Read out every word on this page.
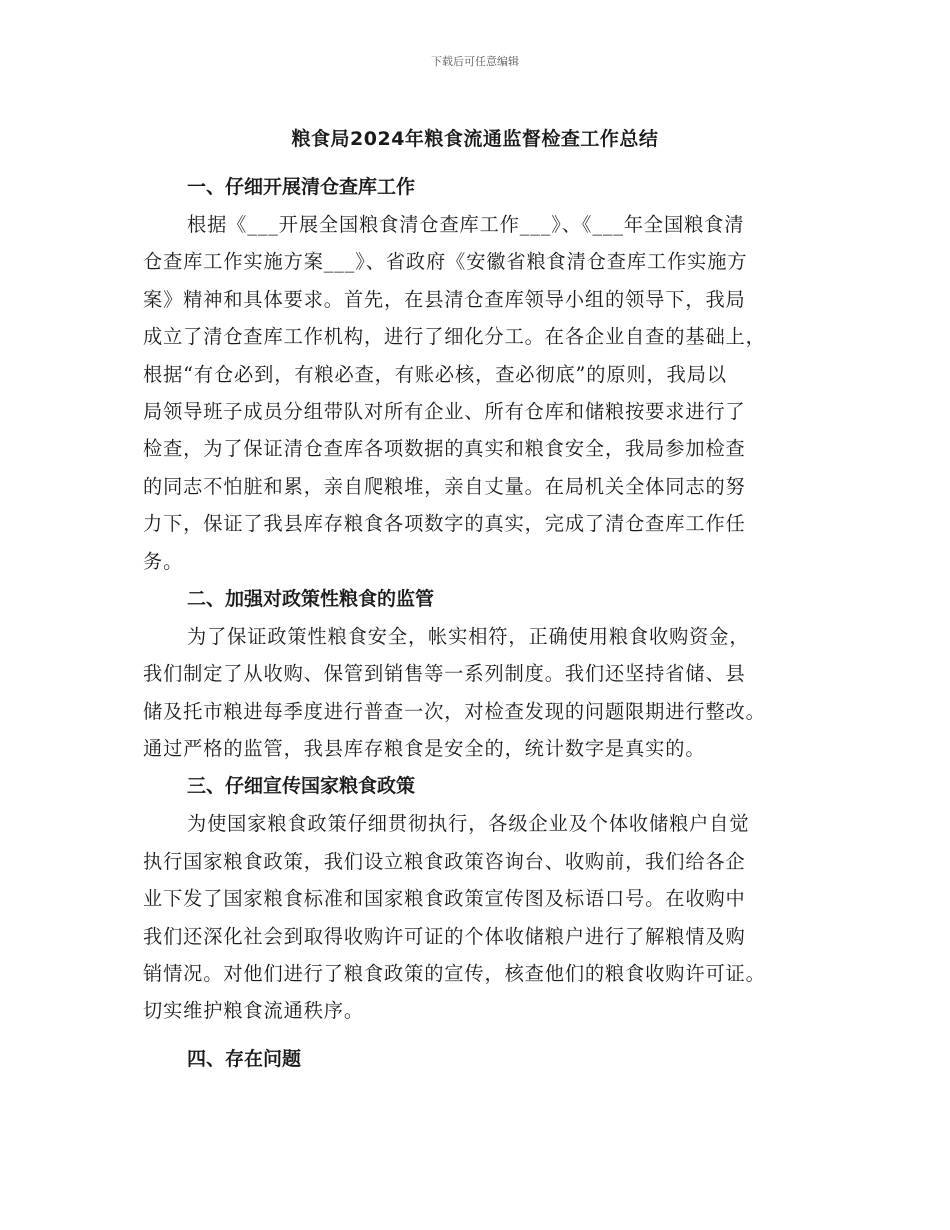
下载后可任意编辑
粮食局2024年粮食流通监督检查工作总结
一、仔细开展清仓查库工作
根据《___开展全国粮食清仓查库工作___》、《___年全国粮食清
仓查库工作实施方案___》、省政府《安徽省粮食清仓查库工作实施方
案》精神和具体要求。首先，在县清仓查库领导小组的领导下，我局
成立了清仓查库工作机构，进行了细化分工。在各企业自查的基础上，
根据“有仓必到，有粮必查，有账必核，查必彻底”的原则，我局以
局领导班子成员分组带队对所有企业、所有仓库和储粮按要求进行了
检查，为了保证清仓查库各项数据的真实和粮食安全，我局参加检查
的同志不怕脏和累，亲自爬粮堆，亲自丈量。在局机关全体同志的努
力下，保证了我县库存粮食各项数字的真实，完成了清仓查库工作任
务。
二、加强对政策性粮食的监管
为了保证政策性粮食安全，帐实相符，正确使用粮食收购资金，
我们制定了从收购、保管到销售等一系列制度。我们还坚持省储、县
储及托市粮进每季度进行普查一次，对检查发现的问题限期进行整改。
通过严格的监管，我县库存粮食是安全的，统计数字是真实的。
三、仔细宣传国家粮食政策
为使国家粮食政策仔细贯彻执行，各级企业及个体收储粮户自觉
执行国家粮食政策，我们设立粮食政策咨询台、收购前，我们给各企
业下发了国家粮食标准和国家粮食政策宣传图及标语口号。在收购中
我们还深化社会到取得收购许可证的个体收储粮户进行了解粮情及购
销情况。对他们进行了粮食政策的宣传，核查他们的粮食收购许可证。
切实维护粮食流通秩序。
四、存在问题
